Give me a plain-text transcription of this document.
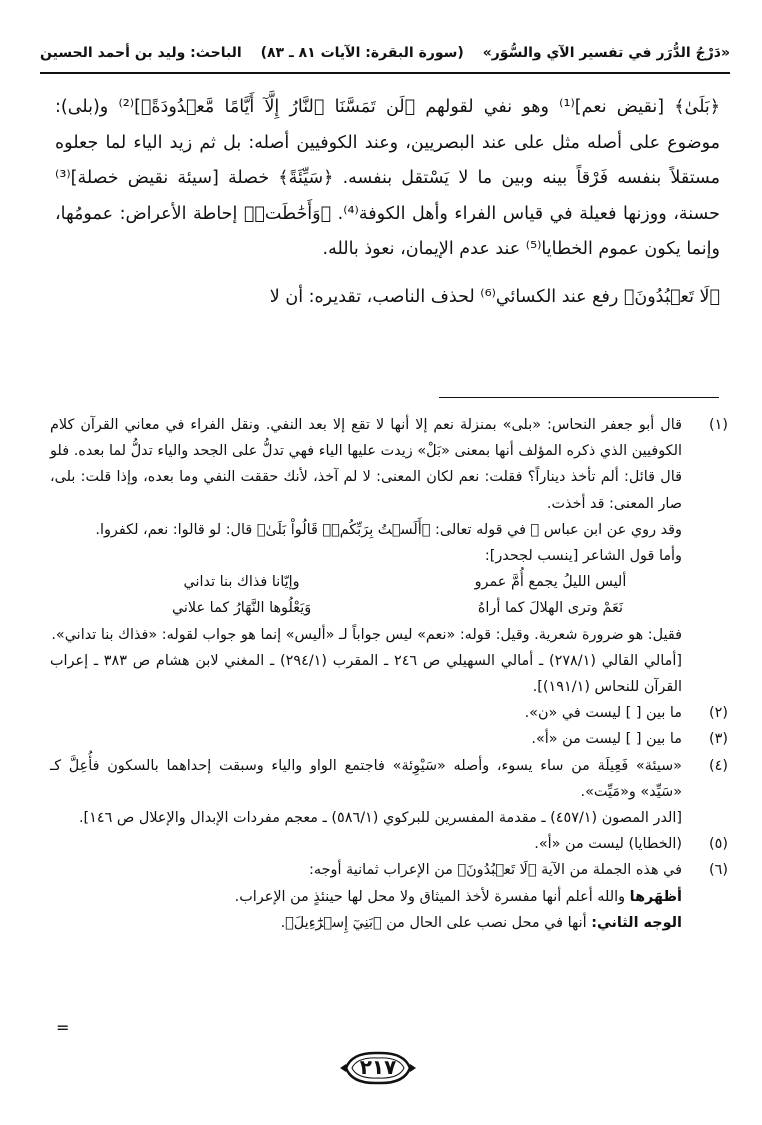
«دَرْجُ الدُّرَر في تفسير الآي والسُّوَر»
(سورة البقرة: الآيات ٨١ ـ ٨٣)
الباحث: وليد بن أحمد الحسين

﴿بَلَىٰ﴾ [نقيض نعم]⁽¹⁾ وهو نفي لقولهم ﴿لَن تَمَسَّنَا ٱلنَّارُ إِلَّآ أَيَّامًا مَّعۡدُودَةً﴾]⁽²⁾ و(بلى): موضوع على أصله مثل على عند البصريين، وعند الكوفيين أصله: بل ثم زيد الياء لما جعلوه مستقلاً بنفسه فَرْقاً بينه وبين ما لا يَسْتقل بنفسه. ﴿سَيِّئَةً﴾ خصلة [سيئة نقيض خصلة]⁽³⁾ حسنة، ووزنها فعيلة في قياس الفراء وأهل الكوفة⁽⁴⁾. ﴿وَأَحَٰطَتۡ﴾ إحاطة الأعراض: عمومُها، وإنما يكون عموم الخطايا⁽⁵⁾ عند عدم الإيمان، نعوذ بالله.

﴿لَا تَعۡبُدُونَ﴾ رفع عند الكسائي⁽⁶⁾ لحذف الناصب، تقديره: أن لا

(١)

قال أبو جعفر النحاس: «بلى» بمنزلة نعم إلا أنها لا تقع إلا بعد النفي. ونقل الفراء في معاني القرآن كلام الكوفيين الذي ذكره المؤلف أنها بمعنى «بَلْ» زيدت عليها الياء فهي تدلُّ على الجحد والياء تدلُّ لما بعده. فلو قال قائل: ألم تأخذ ديناراً؟ فقلت: نعم لكان المعنى: لا لم آخذ، لأنك حققت النفي وما بعده، وإذا قلت: بلى، صار المعنى: قد أخذت.

وقد روي عن ابن عباس ﷺ في قوله تعالى: ﴿أَلَسۡتُ بِرَبِّكُمۡۖ قَالُواْ بَلَىٰ﴾ قال: لو قالوا: نعم، لكفروا.

وأما قول الشاعر [ينسب لجحدر]:

أليس الليلُ يجمع أُمَّ عمرو
وإيّانا فذاك بنا تداني
نَعَمْ وترى الهلالَ كما أراهُ
وَيَعْلُوها النَّهَارُ كما علاني

فقيل: هو ضرورة شعرية. وقيل: قوله: «نعم» ليس جواباً لـ «أليس» إنما هو جواب لقوله: «فذاك بنا تداني».

[أمالي القالي (٢٧٨/١) ـ أمالي السهيلي ص ٢٤٦ ـ المقرب (٢٩٤/١) ـ المغني لابن هشام ص ٣٨٣ ـ إعراب القرآن للنحاس (١٩١/١)].

(٢)

ما بين [ ] ليست في «ن».

(٣)

ما بين [ ] ليست من «أ».

(٤)

«سيئة» فَعِيلَة من ساء يسوء، وأصله «سَيْوِئة» فاجتمع الواو والياء وسبقت إحداهما بالسكون فأُعِلَّ كـ «سَيِّد» و«مَيِّت».

[الدر المصون (٤٥٧/١) ـ مقدمة المفسرين للبركوي (٥٨٦/١) ـ معجم مفردات الإبدال والإعلال ص ١٤٦].

(٥)

(الخطايا) ليست من «أ».

(٦)

في هذه الجملة من الآية ﴿لَا تَعۡبُدُونَ﴾ من الإعراب ثمانية أوجه:

أظهَرها والله أعلم أنها مفسرة لأخذ الميثاق ولا محل لها حينئذٍ من الإعراب.

الوجه الثاني: أنها في محل نصب على الحال من ﴿بَنِيٓ إِسۡرَٰٓءِيلَ﴾.

=
٢١٧
